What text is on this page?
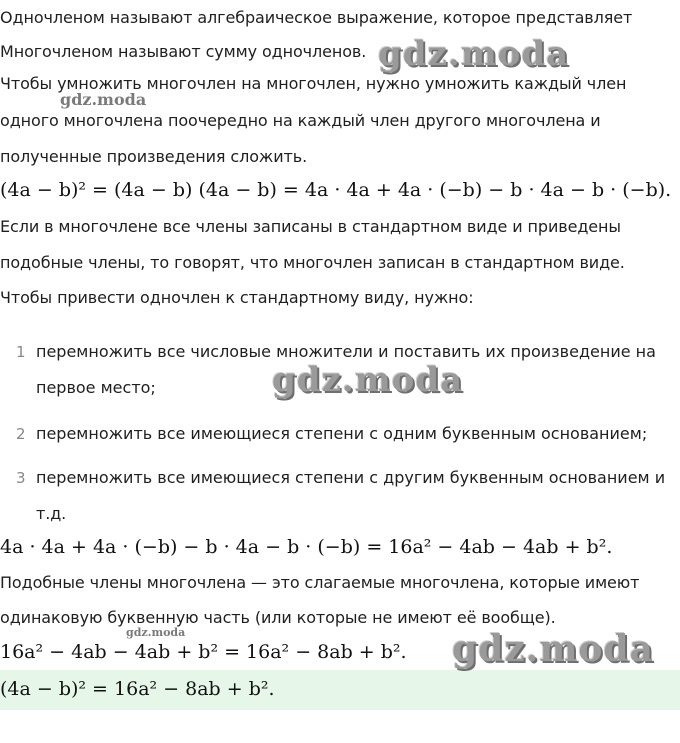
Одночленом называют алгебраическое выражение, которое представляет
Многочленом называют сумму одночленов.
Чтобы умножить многочлен на многочлен, нужно умножить каждый член
одного многочлена поочередно на каждый член другого многочлена и
полученные произведения сложить.
(4a − b)² = (4a − b) (4a − b) = 4a · 4a + 4a · (−b) − b · 4a − b · (−b).
Если в многочлене все члены записаны в стандартном виде и приведены
подобные члены, то говорят, что многочлен записан в стандартном виде.
Чтобы привести одночлен к стандартному виду, нужно:
1 перемножить все числовые множители и поставить их произведение на
первое место;
2 перемножить все имеющиеся степени с одним буквенным основанием;
3 перемножить все имеющиеся степени с другим буквенным основанием и
т.д.
4a · 4a + 4a · (−b) − b · 4a − b · (−b) = 16a² − 4ab − 4ab + b².
Подобные члены многочлена — это слагаемые многочлена, которые имеют
одинаковую буквенную часть (или которые не имеют её вообще).
16a² − 4ab − 4ab + b² = 16a² − 8ab + b².
(4a − b)² = 16a² − 8ab + b².
gdz.moda
gdz.moda
gdz.moda
gdz.moda	gdz.moda
